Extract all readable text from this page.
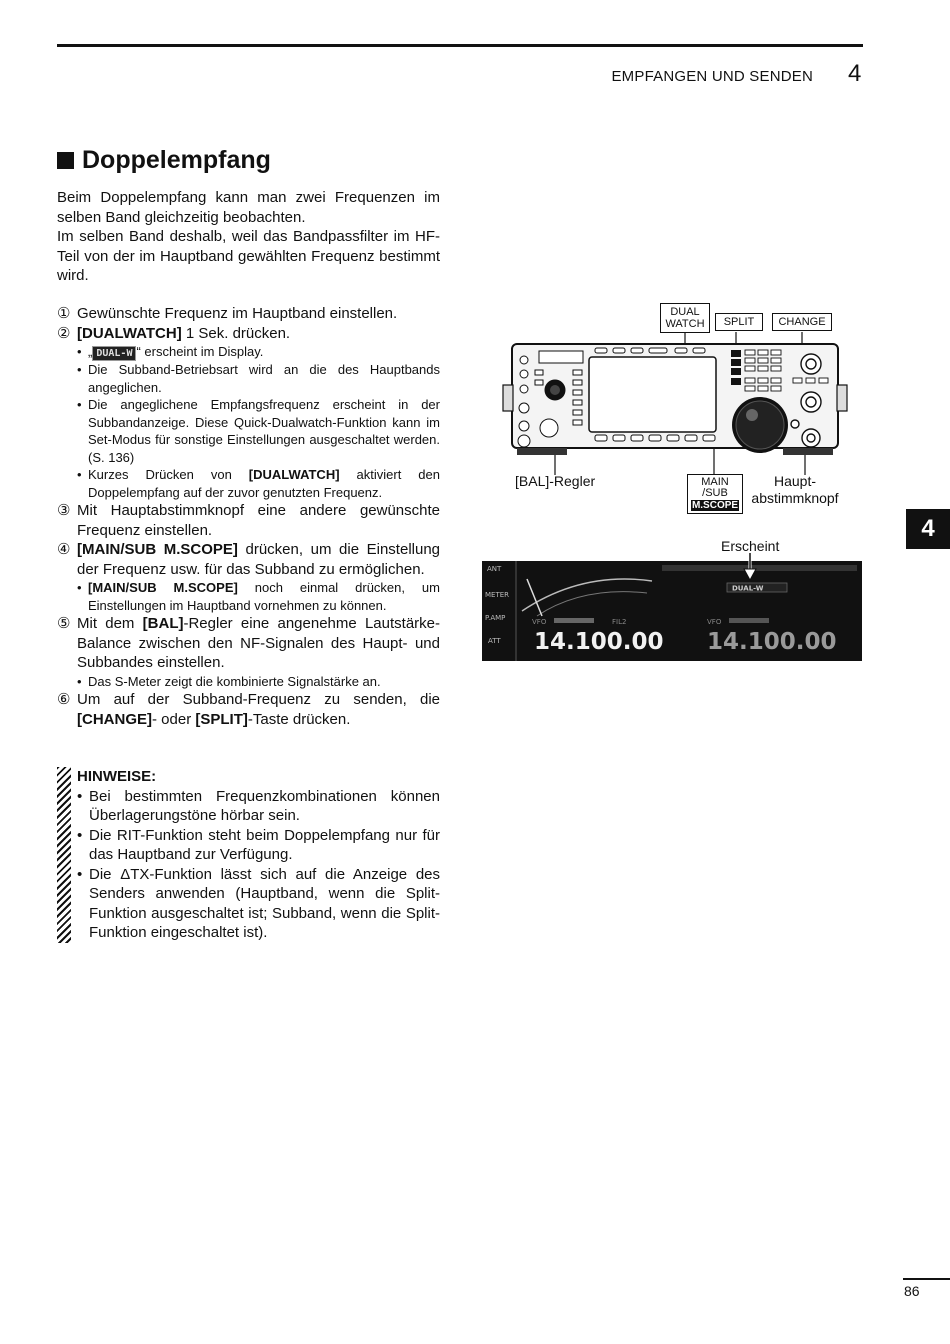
EMPFANGEN UND SENDEN 4
4
Doppelempfang

Beim Doppelempfang kann man zwei Frequenzen im selben Band gleichzeitig beobachten.

Im selben Band deshalb, weil das Bandpassfilter im HF-Teil von der im Hauptband gewählten Frequenz bestimmt wird.

① Gewünschte Frequenz im Hauptband einstellen.
② [DUALWATCH] 1 Sek. drücken.
• „ DUAL-W “ erscheint im Display.
• Die Subband-Betriebsart wird an die des Hauptbands angeglichen.
• Die angeglichene Empfangsfrequenz erscheint in der Subbandanzeige. Diese Quick-Dualwatch-Funktion kann im Set-Modus für sonstige Einstellungen ausgeschaltet werden. (S. 136)
• Kurzes Drücken von [DUALWATCH] aktiviert den Doppelempfang auf der zuvor genutzten Frequenz.
③ Mit Hauptabstimmknopf eine andere gewünschte Frequenz einstellen.
④ [MAIN/SUB M.SCOPE] drücken, um die Einstellung der Frequenz usw. für das Subband zu ermöglichen.
• [MAIN/SUB M.SCOPE] noch einmal drücken, um Einstellungen im Hauptband vornehmen zu können.
⑤ Mit dem [BAL]-Regler eine angenehme Lautstärke-Balance zwischen den NF-Signalen des Haupt- und Subbandes einstellen.
• Das S-Meter zeigt die kombinierte Signalstärke an.
⑥ Um auf der Subband-Frequenz zu senden, die [CHANGE]- oder [SPLIT]-Taste drücken.
HINWEISE:
• Bei bestimmten Frequenzkombinationen können Überlagerungstöne hörbar sein.
• Die RIT-Funktion steht beim Doppelempfang nur für das Hauptband zur Verfügung.
• Die ΔTX-Funktion lässt sich auf die Anzeige des Senders anwenden (Hauptband, wenn die Split-Funktion ausgeschaltet ist; Subband, wenn die Split-Funktion eingeschaltet ist).
DUAL
WATCH	SPLIT	CHANGE
MAIN
/SUB
M.SCOPE
[BAL]-Regler	Haupt-
abstimmknopf
Erscheint
ANT
METER
P.AMP
ATT
DUAL-W
VFO	FIL2	VFO
14.100.00 14.100.00
86
